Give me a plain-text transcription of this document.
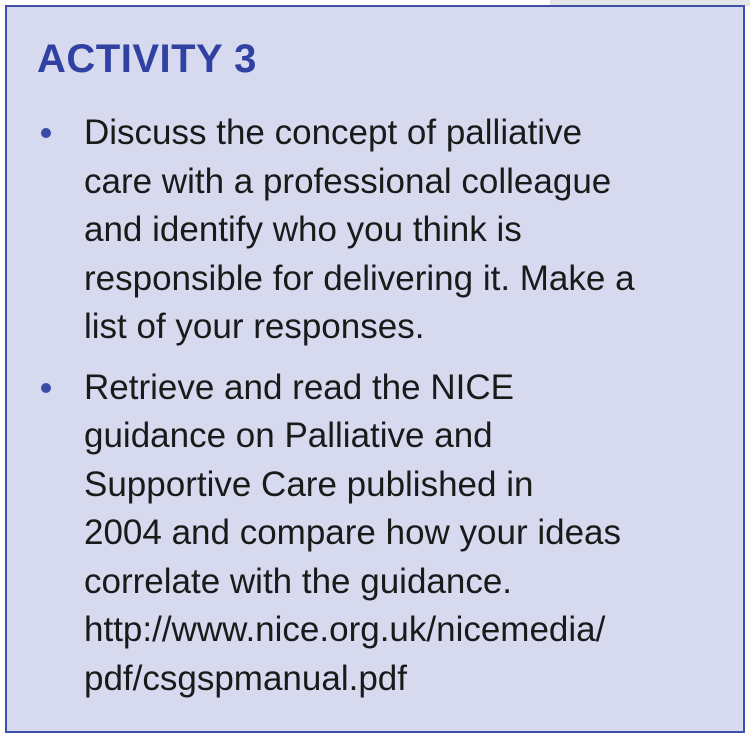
ACTIVITY 3

Discuss the concept of palliative
care with a professional colleague
and identify who you think is
responsible for delivering it. Make a
list of your responses.

Retrieve and read the NICE
guidance on Palliative and
Supportive Care published in
2004 and compare how your ideas
correlate with the guidance.
http://www.nice.org.uk/nicemedia/
pdf/csgspmanual.pdf
